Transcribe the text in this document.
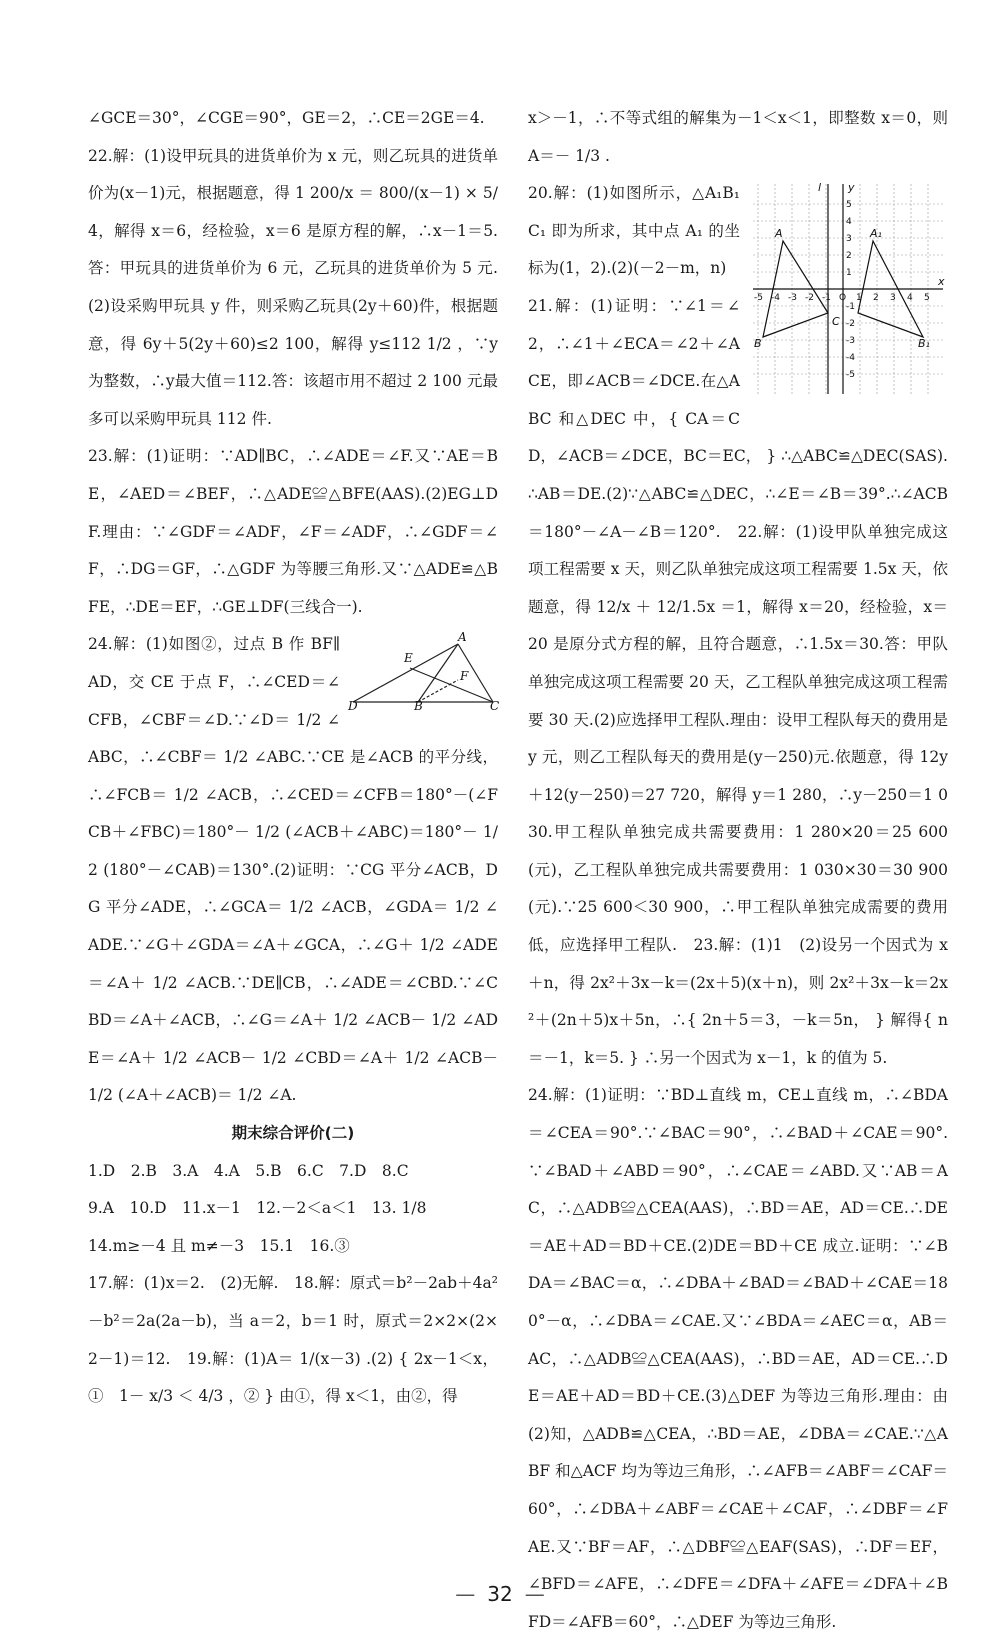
∠GCE＝30°，∠CGE＝90°，GE＝2，∴CE＝2GE＝4.

22.解：(1)设甲玩具的进货单价为 x 元，则乙玩具的进货单价为(x－1)元，根据题意，得 1 200/x ＝ 800/(x－1) × 5/4，解得 x＝6，经检验，x＝6 是原方程的解，∴x－1＝5.答：甲玩具的进货单价为 6 元，乙玩具的进货单价为 5 元.(2)设采购甲玩具 y 件，则采购乙玩具(2y＋60)件，根据题意，得 6y＋5(2y＋60)≤2 100，解得 y≤112 1/2 ，∵y 为整数，∴y最大值＝112.答：该超市用不超过 2 100 元最多可以采购甲玩具 112 件.

23.解：(1)证明：∵AD∥BC，∴∠ADE＝∠F.又∵AE＝BE，∠AED＝∠BEF，∴△ADE≌△BFE(AAS).(2)EG⊥DF.理由：∵∠GDF＝∠ADF，∠F＝∠ADF，∴∠GDF＝∠F，∴DG＝GF，∴△GDF 为等腰三角形.又∵△ADE≌△BFE，∴DE＝EF，∴GE⊥DF(三线合一).

A
E
F
D	B	C

24.解：(1)如图②，过点 B 作 BF∥AD，交 CE 于点 F，∴∠CED＝∠CFB，∠CBF＝∠D.∵∠D＝ 1/2 ∠ABC，∴∠CBF＝ 1/2 ∠ABC.∵CE 是∠ACB 的平分线，∴∠FCB＝ 1/2 ∠ACB，∴∠CED＝∠CFB＝180°－(∠FCB＋∠FBC)＝180°－ 1/2 (∠ACB＋∠ABC)＝180°－ 1/2 (180°－∠CAB)＝130°.(2)证明：∵CG 平分∠ACB，DG 平分∠ADE，∴∠GCA＝ 1/2 ∠ACB，∠GDA＝ 1/2 ∠ADE.∵∠G＋∠GDA＝∠A＋∠GCA，∴∠G＋ 1/2 ∠ADE＝∠A＋ 1/2 ∠ACB.∵DE∥CB，∴∠ADE＝∠CBD.∵∠CBD＝∠A＋∠ACB，∴∠G＝∠A＋ 1/2 ∠ACB－ 1/2 ∠ADE＝∠A＋ 1/2 ∠ACB－ 1/2 ∠CBD＝∠A＋ 1/2 ∠ACB－ 1/2 (∠A＋∠ACB)＝ 1/2 ∠A.

期末综合评价(二)

1.D　2.B　3.A　4.A　5.B　6.C　7.D　8.C

9.A　10.D　11.x－1　12.－2＜a＜1　13. 1/8

14.m≥－4 且 m≠－3　15.1　16.③

17.解：(1)x＝2.　(2)无解.　18.解：原式＝b²－2ab＋4a²－b²＝2a(2a－b)，当 a＝2，b＝1 时，原式＝2×2×(2×2－1)＝12.　19.解：(1)A＝ 1/(x－3) .(2) { 2x－1＜x，①　1－ x/3 ＜ 4/3 ，② } 由①，得 x＜1，由②，得

x＞－1，∴不等式组的解集为－1＜x＜1，即整数 x＝0，则 A＝－ 1/3 .

-5 -4 -3 -2 -1 O 1 2 3 4 5
5
4
3
2
1
-1
-2
-3
-4
-5
x
y
l
A	A₁
B	B₁
C

20.解：(1)如图所示，△A₁B₁C₁ 即为所求，其中点 A₁ 的坐标为(1，2).(2)(－2－m，n)

21.解：(1)证明：∵∠1＝∠2，∴∠1＋∠ECA＝∠2＋∠ACE，即∠ACB＝∠DCE.在△ABC 和△DEC 中，{ CA＝CD，∠ACB＝∠DCE，BC＝EC， } ∴△ABC≌△DEC(SAS).∴AB＝DE.(2)∵△ABC≌△DEC，∴∠E＝∠B＝39°.∴∠ACB＝180°－∠A－∠B＝120°.　22.解：(1)设甲队单独完成这项工程需要 x 天，则乙队单独完成这项工程需要 1.5x 天，依题意，得 12/x ＋ 12/1.5x ＝1，解得 x＝20，经检验，x＝20 是原分式方程的解，且符合题意，∴1.5x＝30.答：甲队单独完成这项工程需要 20 天，乙工程队单独完成这项工程需要 30 天.(2)应选择甲工程队.理由：设甲工程队每天的费用是 y 元，则乙工程队每天的费用是(y－250)元.依题意，得 12y＋12(y－250)＝27 720，解得 y＝1 280，∴y－250＝1 030.甲工程队单独完成共需要费用：1 280×20＝25 600(元)，乙工程队单独完成共需要费用：1 030×30＝30 900(元).∵25 600＜30 900，∴甲工程队单独完成需要的费用低，应选择甲工程队.　23.解：(1)1　(2)设另一个因式为 x＋n，得 2x²＋3x－k＝(2x＋5)(x＋n)，则 2x²＋3x－k＝2x²＋(2n＋5)x＋5n，∴{ 2n＋5＝3，－k＝5n， } 解得{ n＝－1，k＝5. } ∴另一个因式为 x－1，k 的值为 5.

24.解：(1)证明：∵BD⊥直线 m，CE⊥直线 m，∴∠BDA＝∠CEA＝90°.∵∠BAC＝90°，∴∠BAD＋∠CAE＝90°.∵∠BAD＋∠ABD＝90°，∴∠CAE＝∠ABD.又∵AB＝AC，∴△ADB≌△CEA(AAS)，∴BD＝AE，AD＝CE.∴DE＝AE＋AD＝BD＋CE.(2)DE＝BD＋CE 成立.证明：∵∠BDA＝∠BAC＝α，∴∠DBA＋∠BAD＝∠BAD＋∠CAE＝180°－α，∴∠DBA＝∠CAE.又∵∠BDA＝∠AEC＝α，AB＝AC，∴△ADB≌△CEA(AAS)，∴BD＝AE，AD＝CE.∴DE＝AE＋AD＝BD＋CE.(3)△DEF 为等边三角形.理由：由(2)知，△ADB≌△CEA，∴BD＝AE，∠DBA＝∠CAE.∵△ABF 和△ACF 均为等边三角形，∴∠AFB＝∠ABF＝∠CAF＝60°，∴∠DBA＋∠ABF＝∠CAE＋∠CAF，∴∠DBF＝∠FAE.又∵BF＝AF，∴△DBF≌△EAF(SAS)，∴DF＝EF，∠BFD＝∠AFE，∴∠DFE＝∠DFA＋∠AFE＝∠DFA＋∠BFD＝∠AFB＝60°，∴△DEF 为等边三角形.

— 32 —
